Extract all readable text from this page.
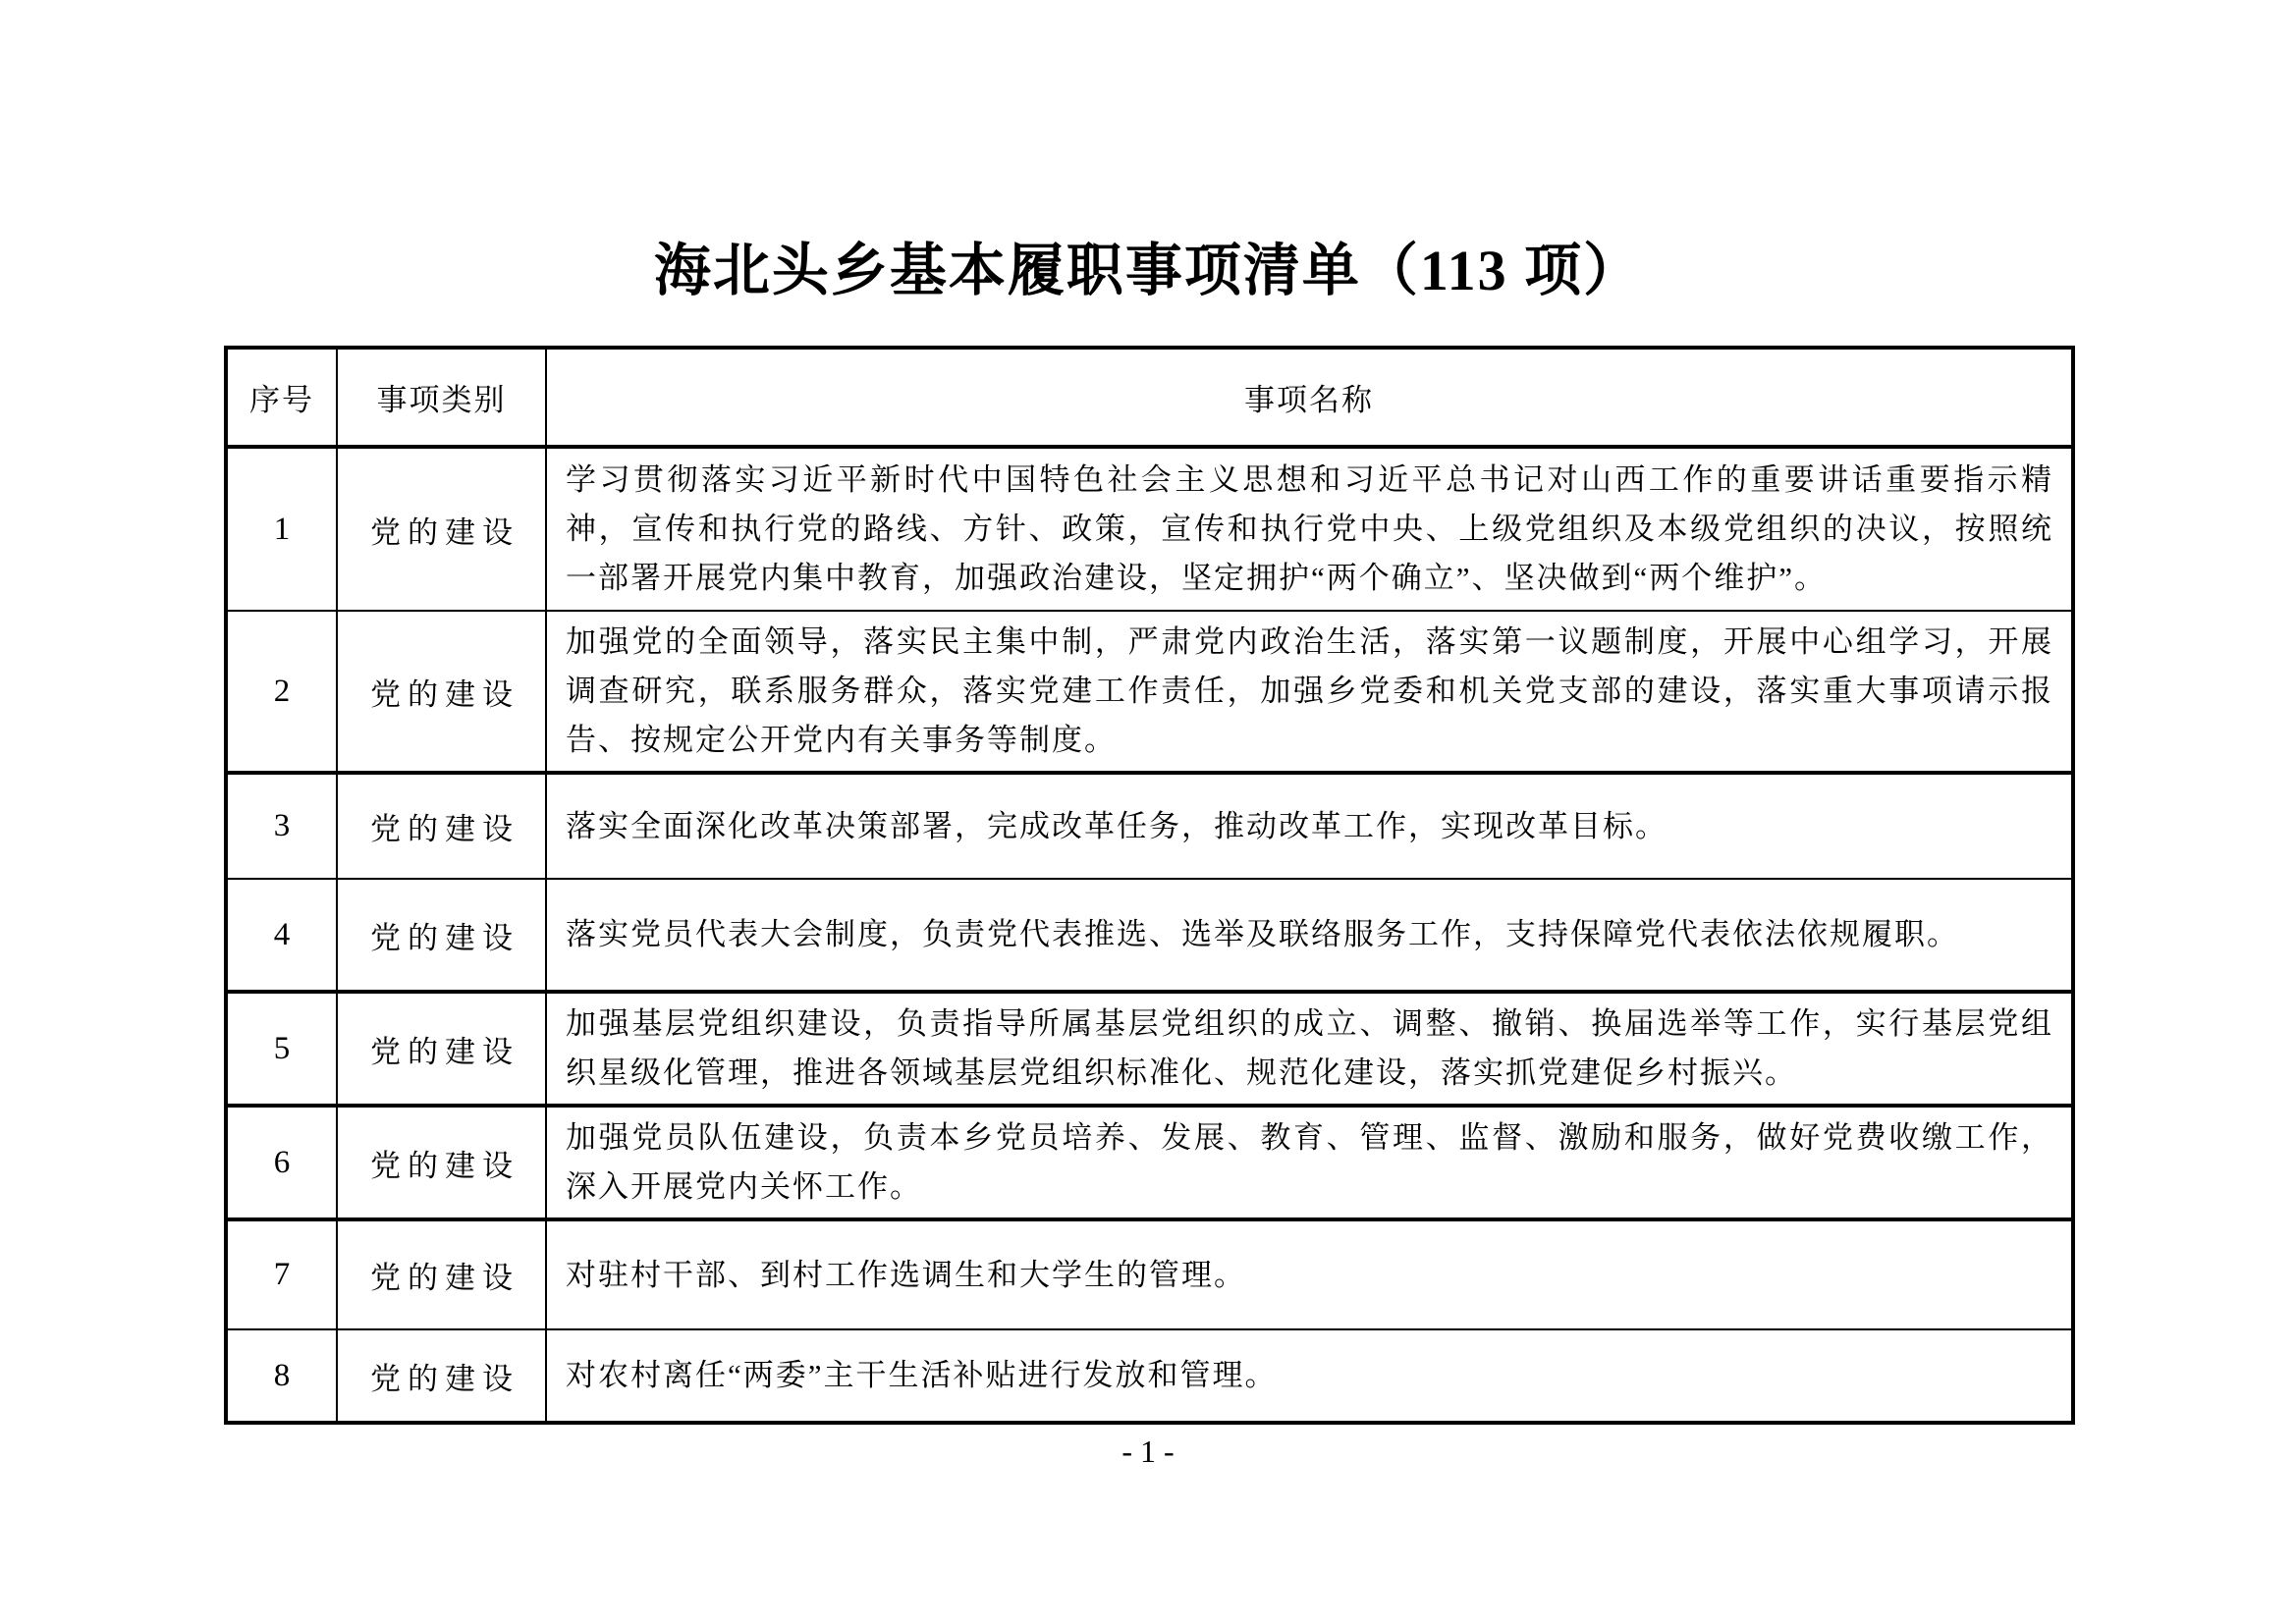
海北头乡基本履职事项清单（113 项）
序号	事项类别	事项名称
1	党的建设	学习贯彻落实习近平新时代中国特色社会主义思想和习近平总书记对山西工作的重要讲话重要指示精神，宣传和执行党的路线、方针、政策，宣传和执行党中央、上级党组织及本级党组织的决议，按照统一部署开展党内集中教育，加强政治建设，坚定拥护“两个确立”、坚决做到“两个维护”。
2	党的建设	加强党的全面领导，落实民主集中制，严肃党内政治生活，落实第一议题制度，开展中心组学习，开展调查研究，联系服务群众，落实党建工作责任，加强乡党委和机关党支部的建设，落实重大事项请示报告、按规定公开党内有关事务等制度。
3	党的建设	落实全面深化改革决策部署，完成改革任务，推动改革工作，实现改革目标。
4	党的建设	落实党员代表大会制度，负责党代表推选、选举及联络服务工作，支持保障党代表依法依规履职。
5	党的建设	加强基层党组织建设，负责指导所属基层党组织的成立、调整、撤销、换届选举等工作，实行基层党组织星级化管理，推进各领域基层党组织标准化、规范化建设，落实抓党建促乡村振兴。
6	党的建设	加强党员队伍建设，负责本乡党员培养、发展、教育、管理、监督、激励和服务，做好党费收缴工作，深入开展党内关怀工作。
7	党的建设	对驻村干部、到村工作选调生和大学生的管理。
8	党的建设	对农村离任“两委”主干生活补贴进行发放和管理。
- 1 -
